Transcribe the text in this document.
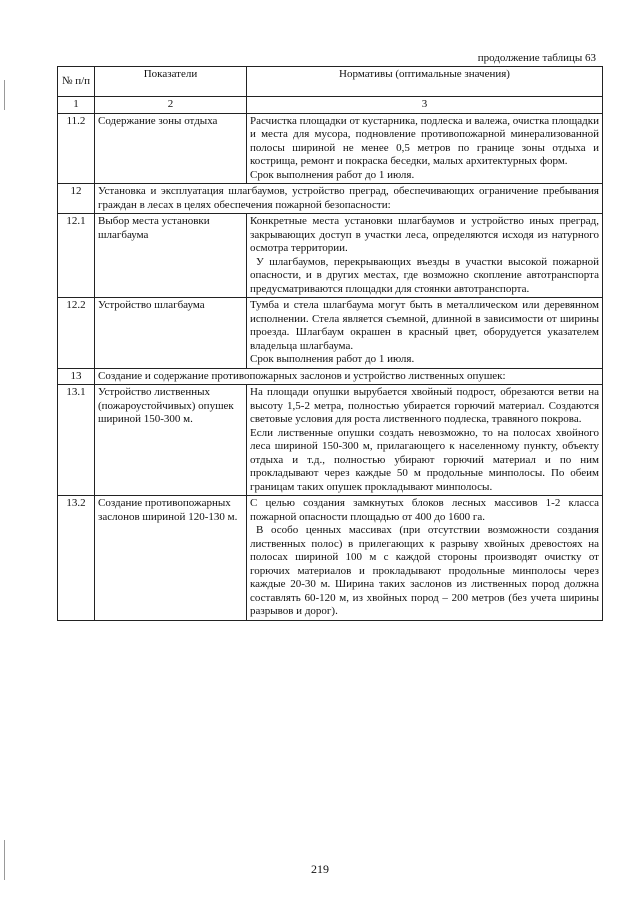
продолжение таблицы 63
№ п/п	Показатели	Нормативы (оптимальные значения)
1	2	3
11.2	Содержание зоны отдыха	Расчистка площадки от кустарника, подлеска и валежа, очистка площадки и места для мусора, подновление противопожарной минерализованной полосы шириной не менее 0,5 метров по границе зоны отдыха и кострища, ремонт и покраска беседки, малых архитектурных форм.

Срок выполнения работ до 1 июля.

12	Установка и эксплуатация шлагбаумов, устройство преград, обеспечивающих ограничение пребывания граждан в лесах в целях обеспечения пожарной безопасности:	
12.1	Выбор места установки шлагбаума	Конкретные места установки шлагбаумов и устройство иных преград, закрывающих доступ в участки леса, определяются исходя из натурного осмотра территории.

У шлагбаумов, перекрывающих въезды в участки высокой пожарной опасности, и в других местах, где возможно скопление автотранспорта предусматриваются площадки для стоянки автотранспорта.

12.2	Устройство шлагбаума	Тумба и стела шлагбаума могут быть в металлическом или деревянном исполнении. Стела является съемной, длинной в зависимости от ширины проезда. Шлагбаум окрашен в красный цвет, оборудуется указателем владельца шлагбаума.

Срок выполнения работ до 1 июля.

13	Создание и содержание противопожарных заслонов и устройство лиственных опушек:	
13.1	Устройство лиственных (пожароустойчивых) опушек шириной 150-300 м.	На площади опушки вырубается хвойный подрост, обрезаются ветви на высоту 1,5-2 метра, полностью убирается горючий материал. Создаются световые условия для роста лиственного подлеска, травяного покрова.

Если лиственные опушки создать невозможно, то на полосах хвойного леса шириной 150-300 м, прилагающего к населенному пункту, объекту отдыха и т.д., полностью убирают горючий материал и по ним прокладывают через каждые 50 м продольные минполосы. По обеим границам таких опушек прокладывают минполосы.

13.2	Создание противопожарных заслонов шириной 120-130 м.	С целью создания замкнутых блоков лесных массивов 1-2 класса пожарной опасности площадью от 400 до 1600 га.

В особо ценных массивах (при отсутствии возможности создания лиственных полос) в прилегающих к разрыву хвойных древостоях на полосах шириной 100 м с каждой стороны производят очистку от горючих материалов и прокладывают продольные минполосы через каждые 20-30 м. Ширина таких заслонов из лиственных пород должна составлять 60-120 м, из хвойных пород – 200 метров (без учета ширины разрывов и дорог).

219
